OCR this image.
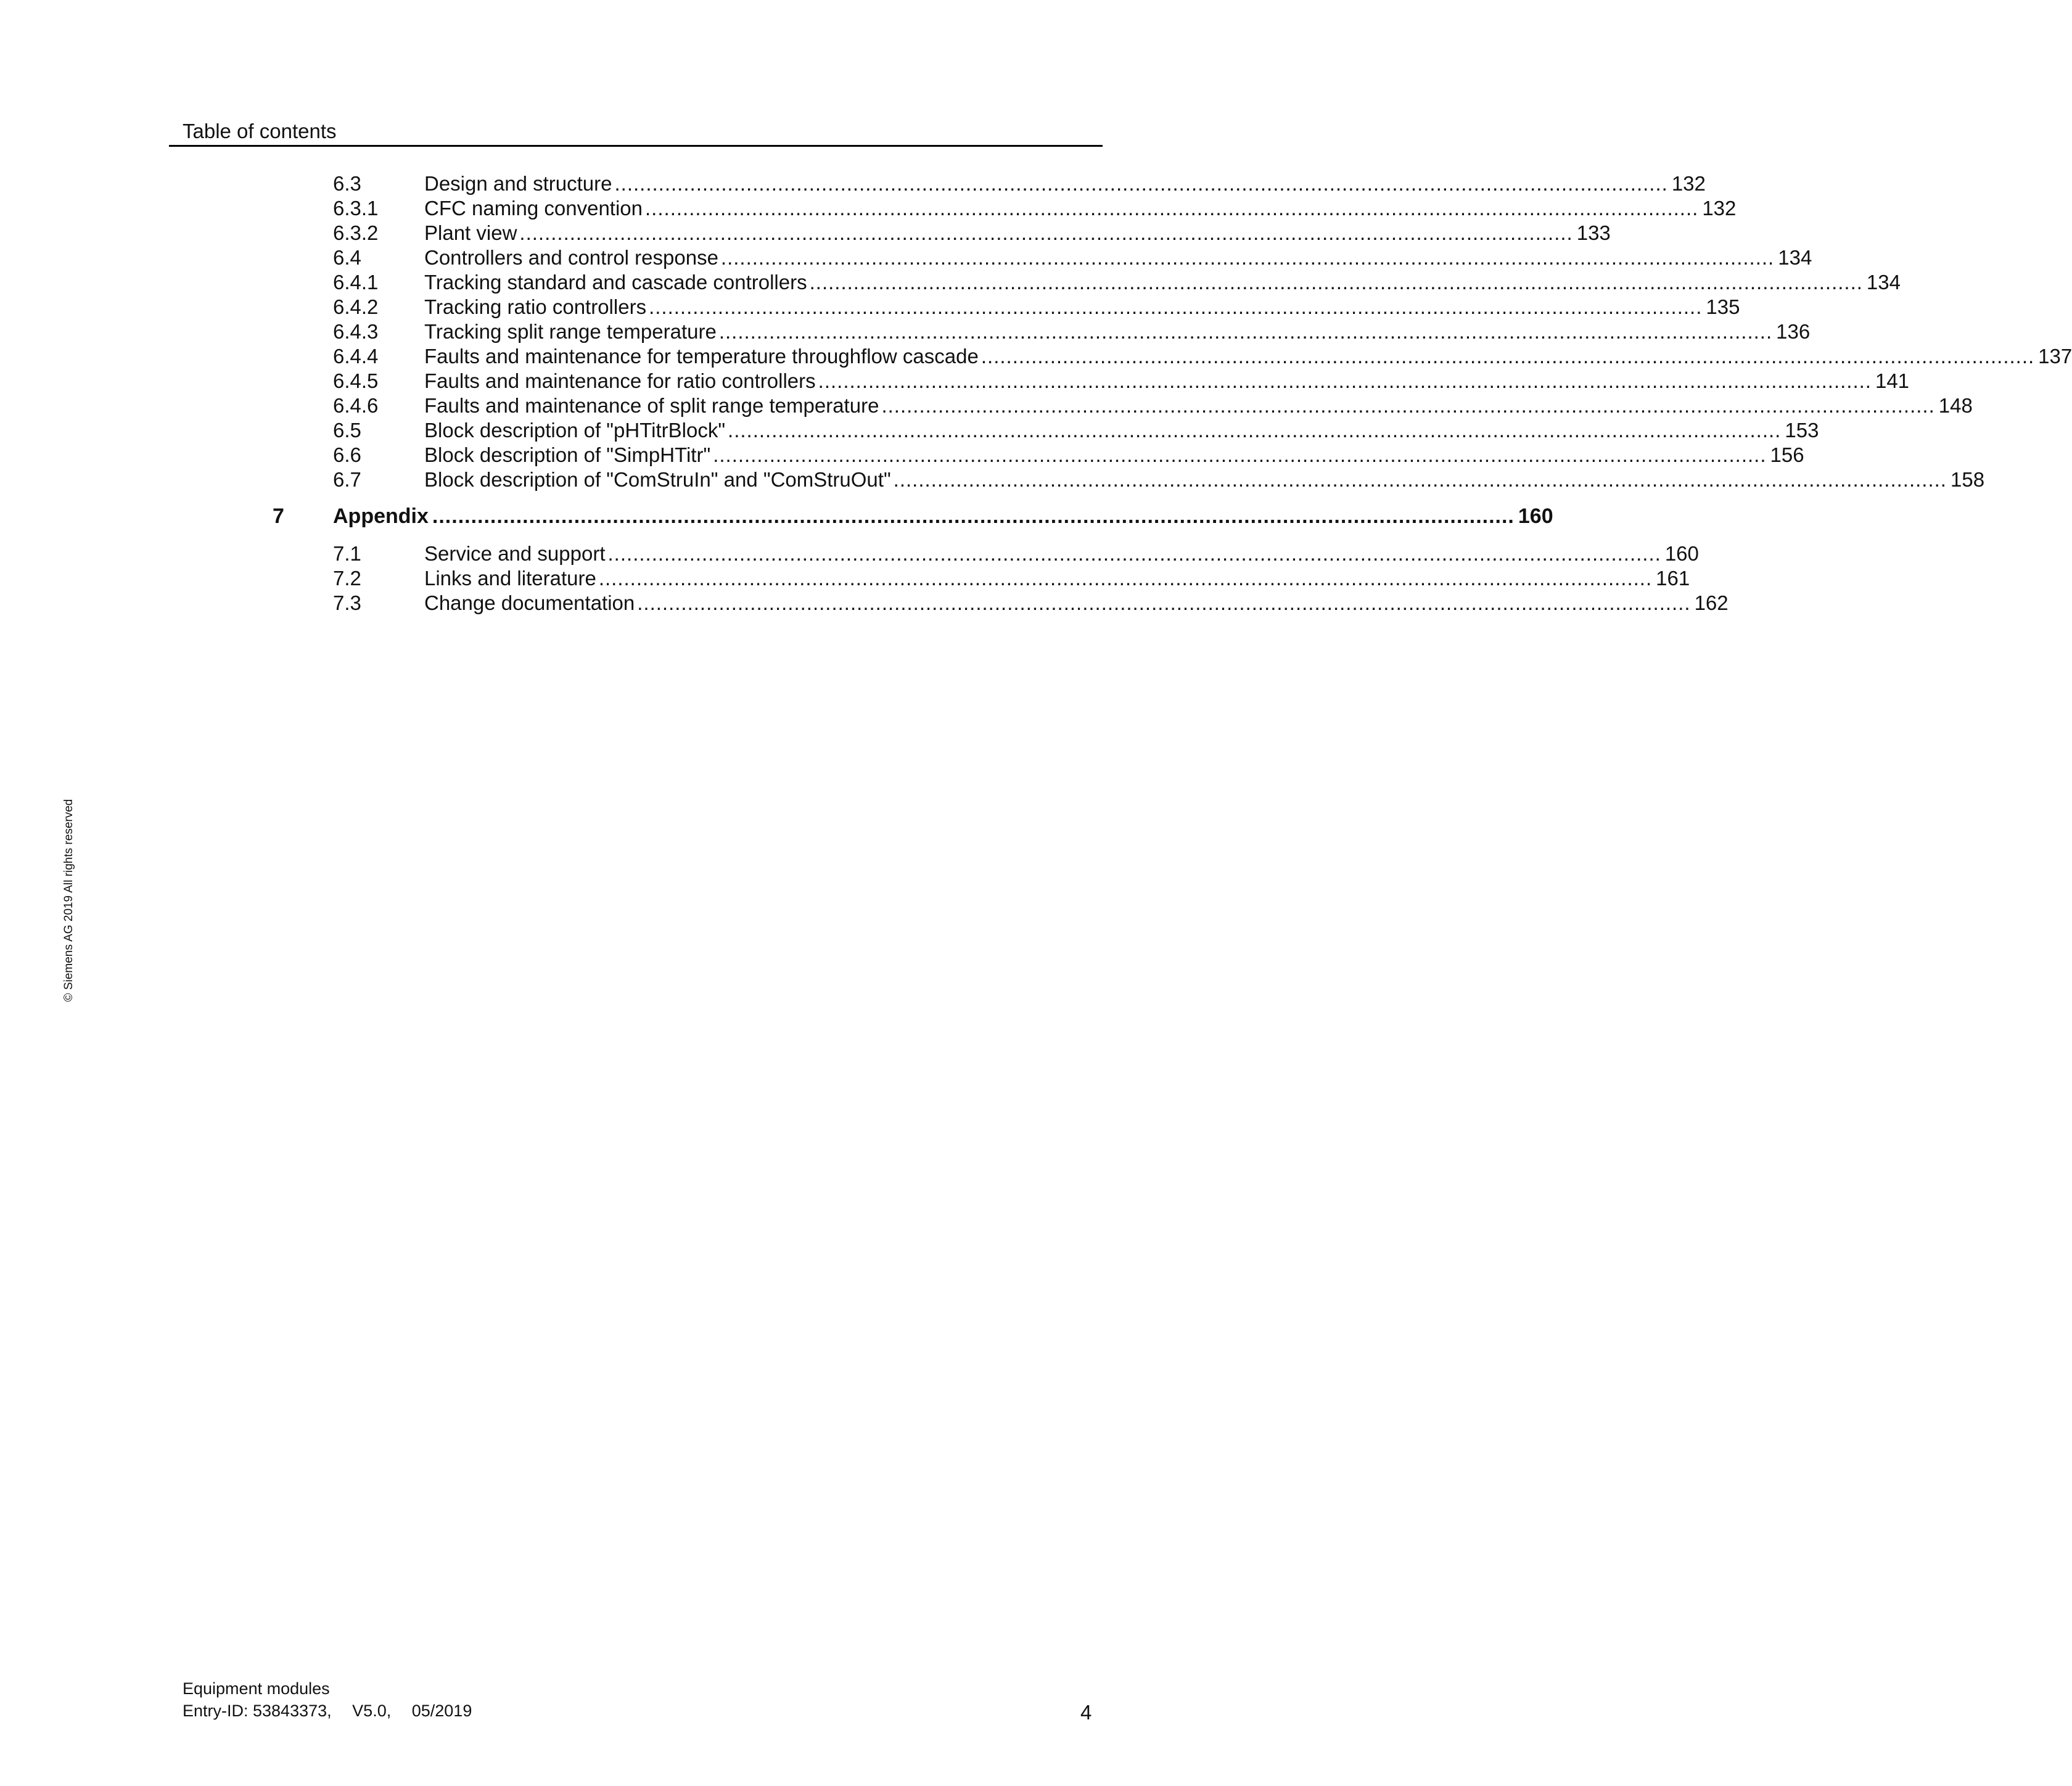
Table of contents
6.3	Design and structure ........................................................................................................................................................................ 132
6.3.1 CFC naming convention ........................................................................................................................................................................ 132
6.3.2 Plant view ........................................................................................................................................................................ 133
6.4	Controllers and control response ........................................................................................................................................................................ 134
6.4.1 Tracking standard and cascade controllers ........................................................................................................................................................................ 134
6.4.2 Tracking ratio controllers ........................................................................................................................................................................ 135
6.4.3 Tracking split range temperature ........................................................................................................................................................................ 136
6.4.4 Faults and maintenance for temperature throughflow cascade ........................................................................................................................................................................ 137
6.4.5 Faults and maintenance for ratio controllers ........................................................................................................................................................................ 141
6.4.6 Faults and maintenance of split range temperature ........................................................................................................................................................................ 148
6.5	Block description of "pHTitrBlock" ........................................................................................................................................................................ 153
6.6	Block description of "SimpHTitr" ........................................................................................................................................................................ 156
6.7	Block description of "ComStruIn" and "ComStruOut" ........................................................................................................................................................................ 158
7 Appendix ........................................................................................................................................................................ 160
7.1	Service and support ........................................................................................................................................................................ 160
7.2	Links and literature ........................................................................................................................................................................ 161
7.3	Change documentation ........................................................................................................................................................................ 162
© Siemens AG 2019 All rights reserved
Equipment modules
Entry-ID: 53843373, V5.0, 05/2019	4
